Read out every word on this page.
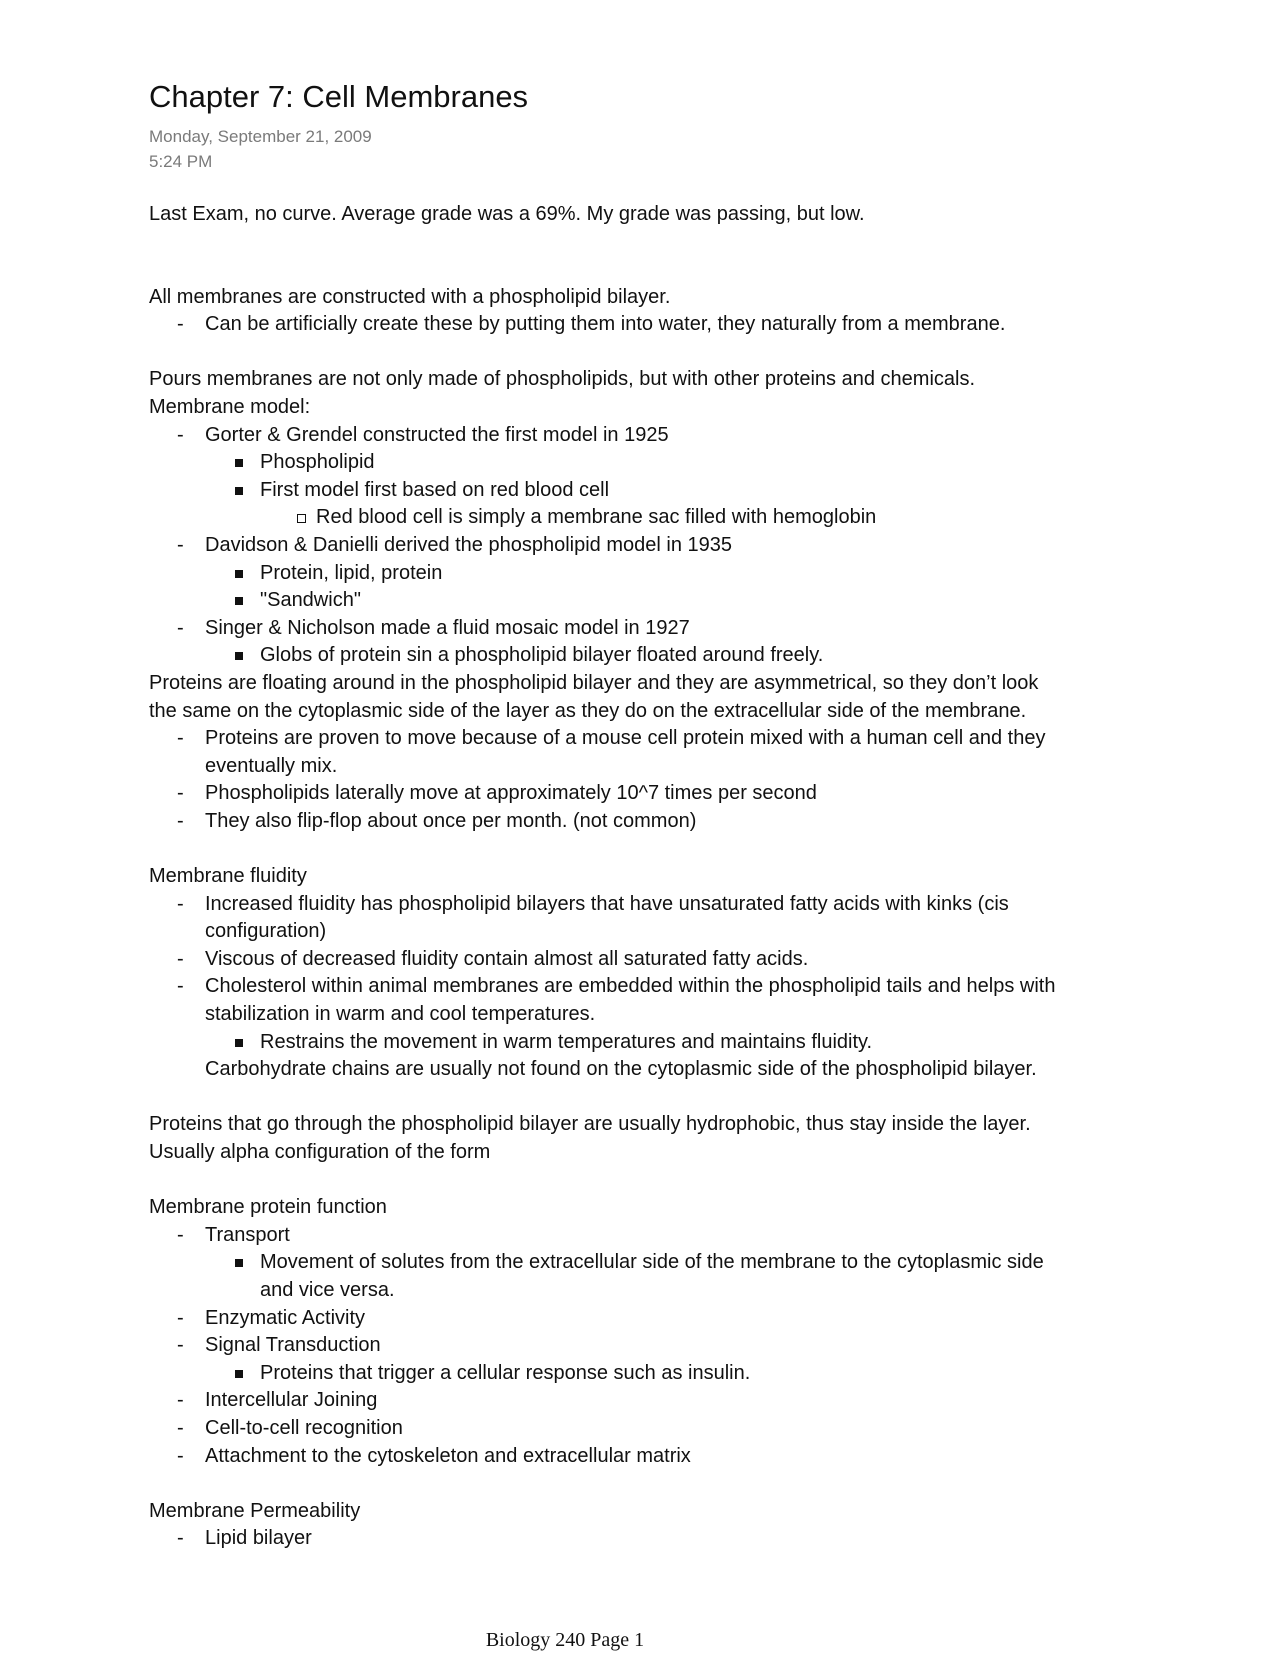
Chapter 7: Cell Membranes
Monday, September 21, 2009
5:24 PM

Last Exam, no curve. Average grade was a 69%. My grade was passing, but low.

All membranes are constructed with a phospholipid bilayer.

-	Can be artificially create these by putting them into water, they naturally from a membrane.

Pours membranes are not only made of phospholipids, but with other proteins and chemicals.

Membrane model:

-	Gorter & Grendel constructed the first model in 1925
Phospholipid
First model first based on red blood cell
Red blood cell is simply a membrane sac filled with hemoglobin
-	Davidson & Danielli derived the phospholipid model in 1935
Protein, lipid, protein
"Sandwich"
-	Singer & Nicholson made a fluid mosaic model in 1927
Globs of protein sin a phospholipid bilayer floated around freely.

Proteins are floating around in the phospholipid bilayer and they are asymmetrical, so they don’t look

the same on the cytoplasmic side of the layer as they do on the extracellular side of the membrane.

-	Proteins are proven to move because of a mouse cell protein mixed with a human cell and they
eventually mix.
-	Phospholipids laterally move at approximately 10^7 times per second
-	They also flip-flop about once per month. (not common)

Membrane fluidity

-	Increased fluidity has phospholipid bilayers that have unsaturated fatty acids with kinks (cis
configuration)
-	Viscous of decreased fluidity contain almost all saturated fatty acids.
-	Cholesterol within animal membranes are embedded within the phospholipid tails and helps with
stabilization in warm and cool temperatures.
Restrains the movement in warm temperatures and maintains fluidity.
Carbohydrate chains are usually not found on the cytoplasmic side of the phospholipid bilayer.

Proteins that go through the phospholipid bilayer are usually hydrophobic, thus stay inside the layer.

Usually alpha configuration of the form

Membrane protein function

-	Transport
Movement of solutes from the extracellular side of the membrane to the cytoplasmic side
and vice versa.
-	Enzymatic Activity
-	Signal Transduction
Proteins that trigger a cellular response such as insulin.
-	Intercellular Joining
-	Cell-to-cell recognition
-	Attachment to the cytoskeleton and extracellular matrix

Membrane Permeability

-	Lipid bilayer
Biology 240 Page 1
